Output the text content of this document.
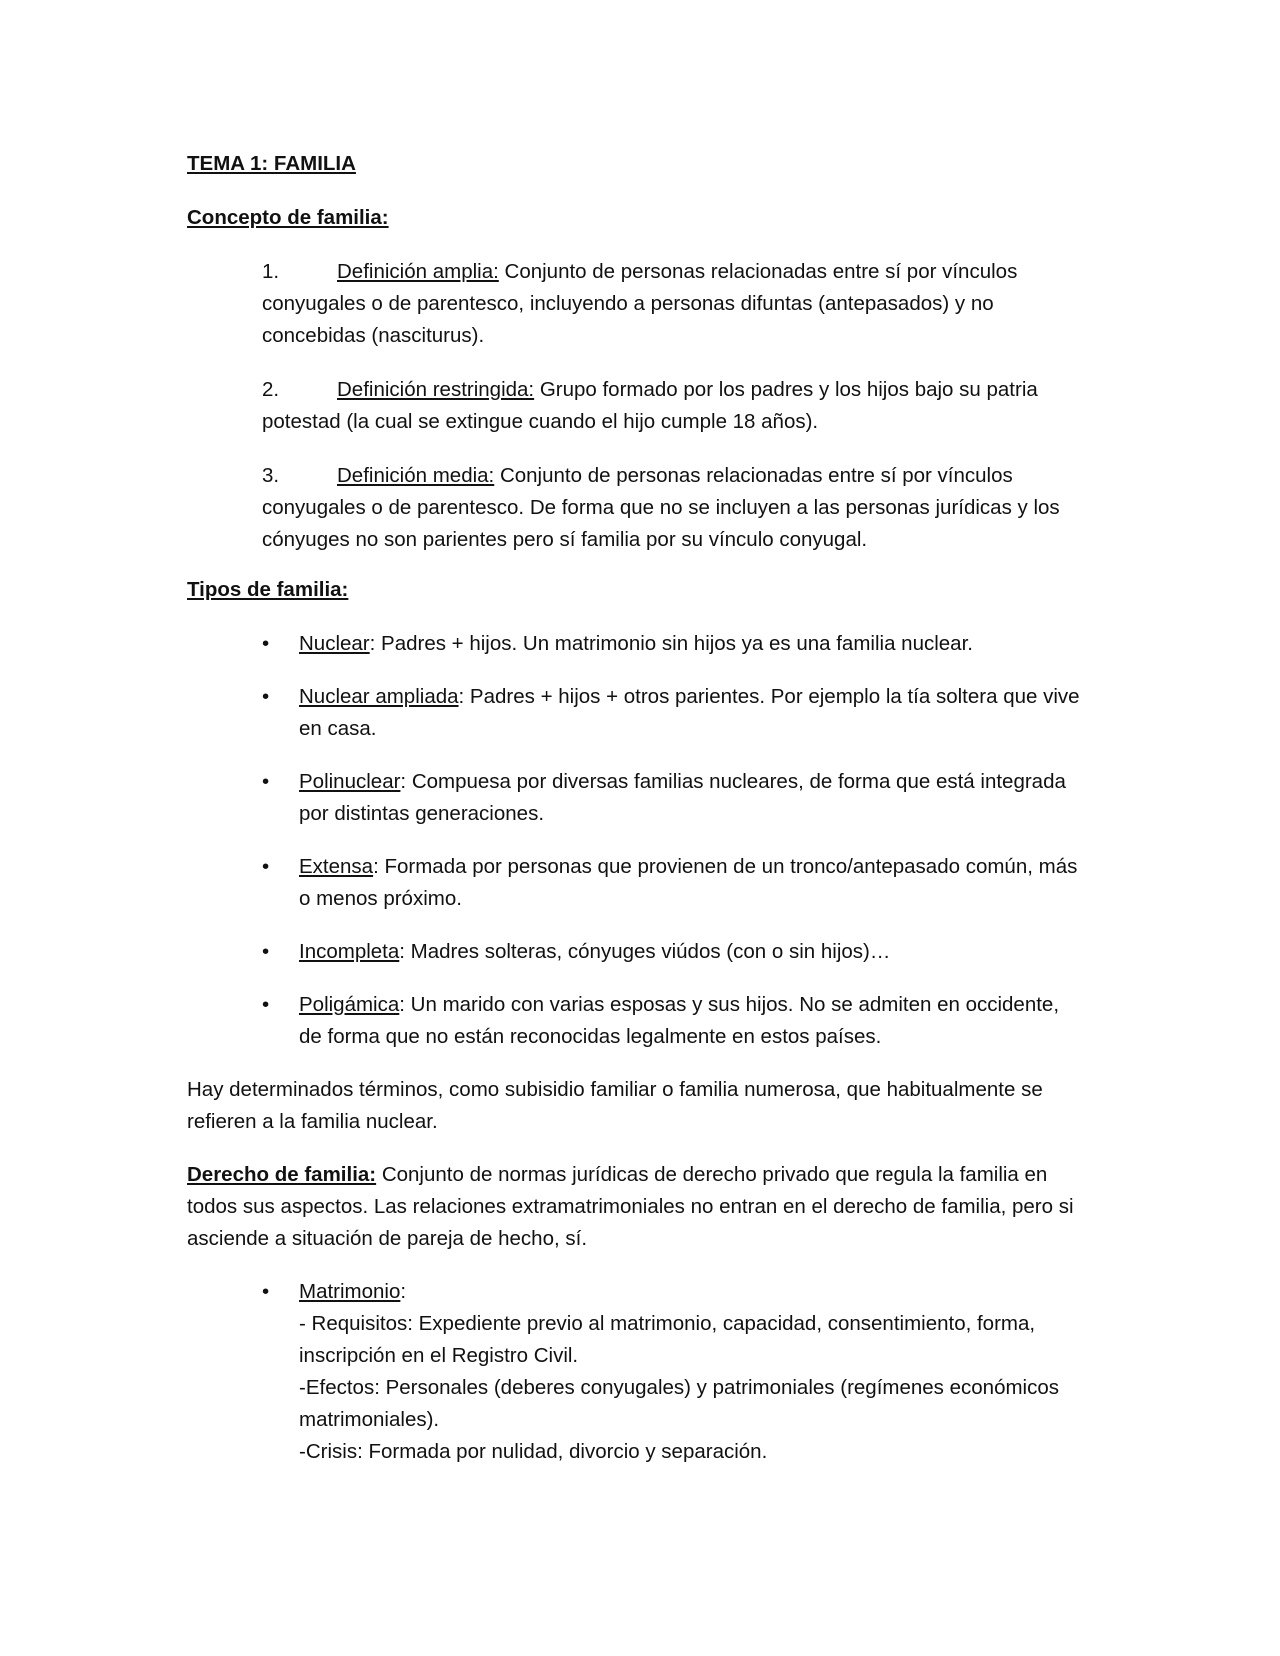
TEMA 1: FAMILIA

Concepto de familia:

1.	Definición amplia: Conjunto de personas relacionadas entre sí por vínculos conyugales o de parentesco, incluyendo a personas difuntas (antepasados) y no concebidas (nasciturus).
2.	Definición restringida: Grupo formado por los padres y los hijos bajo su patria potestad (la cual se extingue cuando el hijo cumple 18 años).
3.	Definición media: Conjunto de personas relacionadas entre sí por vínculos conyugales o de parentesco. De forma que no se incluyen a las personas jurídicas y los cónyuges no son parientes pero sí familia por su vínculo conyugal.

Tipos de familia:

•	Nuclear: Padres + hijos. Un matrimonio sin hijos ya es una familia nuclear.
•	Nuclear ampliada: Padres + hijos + otros parientes. Por ejemplo la tía soltera que vive en casa.
•	Polinuclear: Compuesa por diversas familias nucleares, de forma que está integrada por distintas generaciones.
•	Extensa: Formada por personas que provienen de un tronco/antepasado común, más o menos próximo.
•	Incompleta: Madres solteras, cónyuges viúdos (con o sin hijos)…
•	Poligámica: Un marido con varias esposas y sus hijos. No se admiten en occidente, de forma que no están reconocidas legalmente en estos países.

Hay determinados términos, como subisidio familiar o familia numerosa, que habitualmente se refieren a la familia nuclear.

Derecho de familia: Conjunto de normas jurídicas de derecho privado que regula la familia en todos sus aspectos. Las relaciones extramatrimoniales no entran en el derecho de familia, pero si asciende a situación de pareja de hecho, sí.

•	Matrimonio:
- Requisitos: Expediente previo al matrimonio, capacidad, consentimiento, forma, inscripción en el Registro Civil.
-Efectos: Personales (deberes conyugales) y patrimoniales (regímenes económicos matrimoniales).
-Crisis: Formada por nulidad, divorcio y separación.
